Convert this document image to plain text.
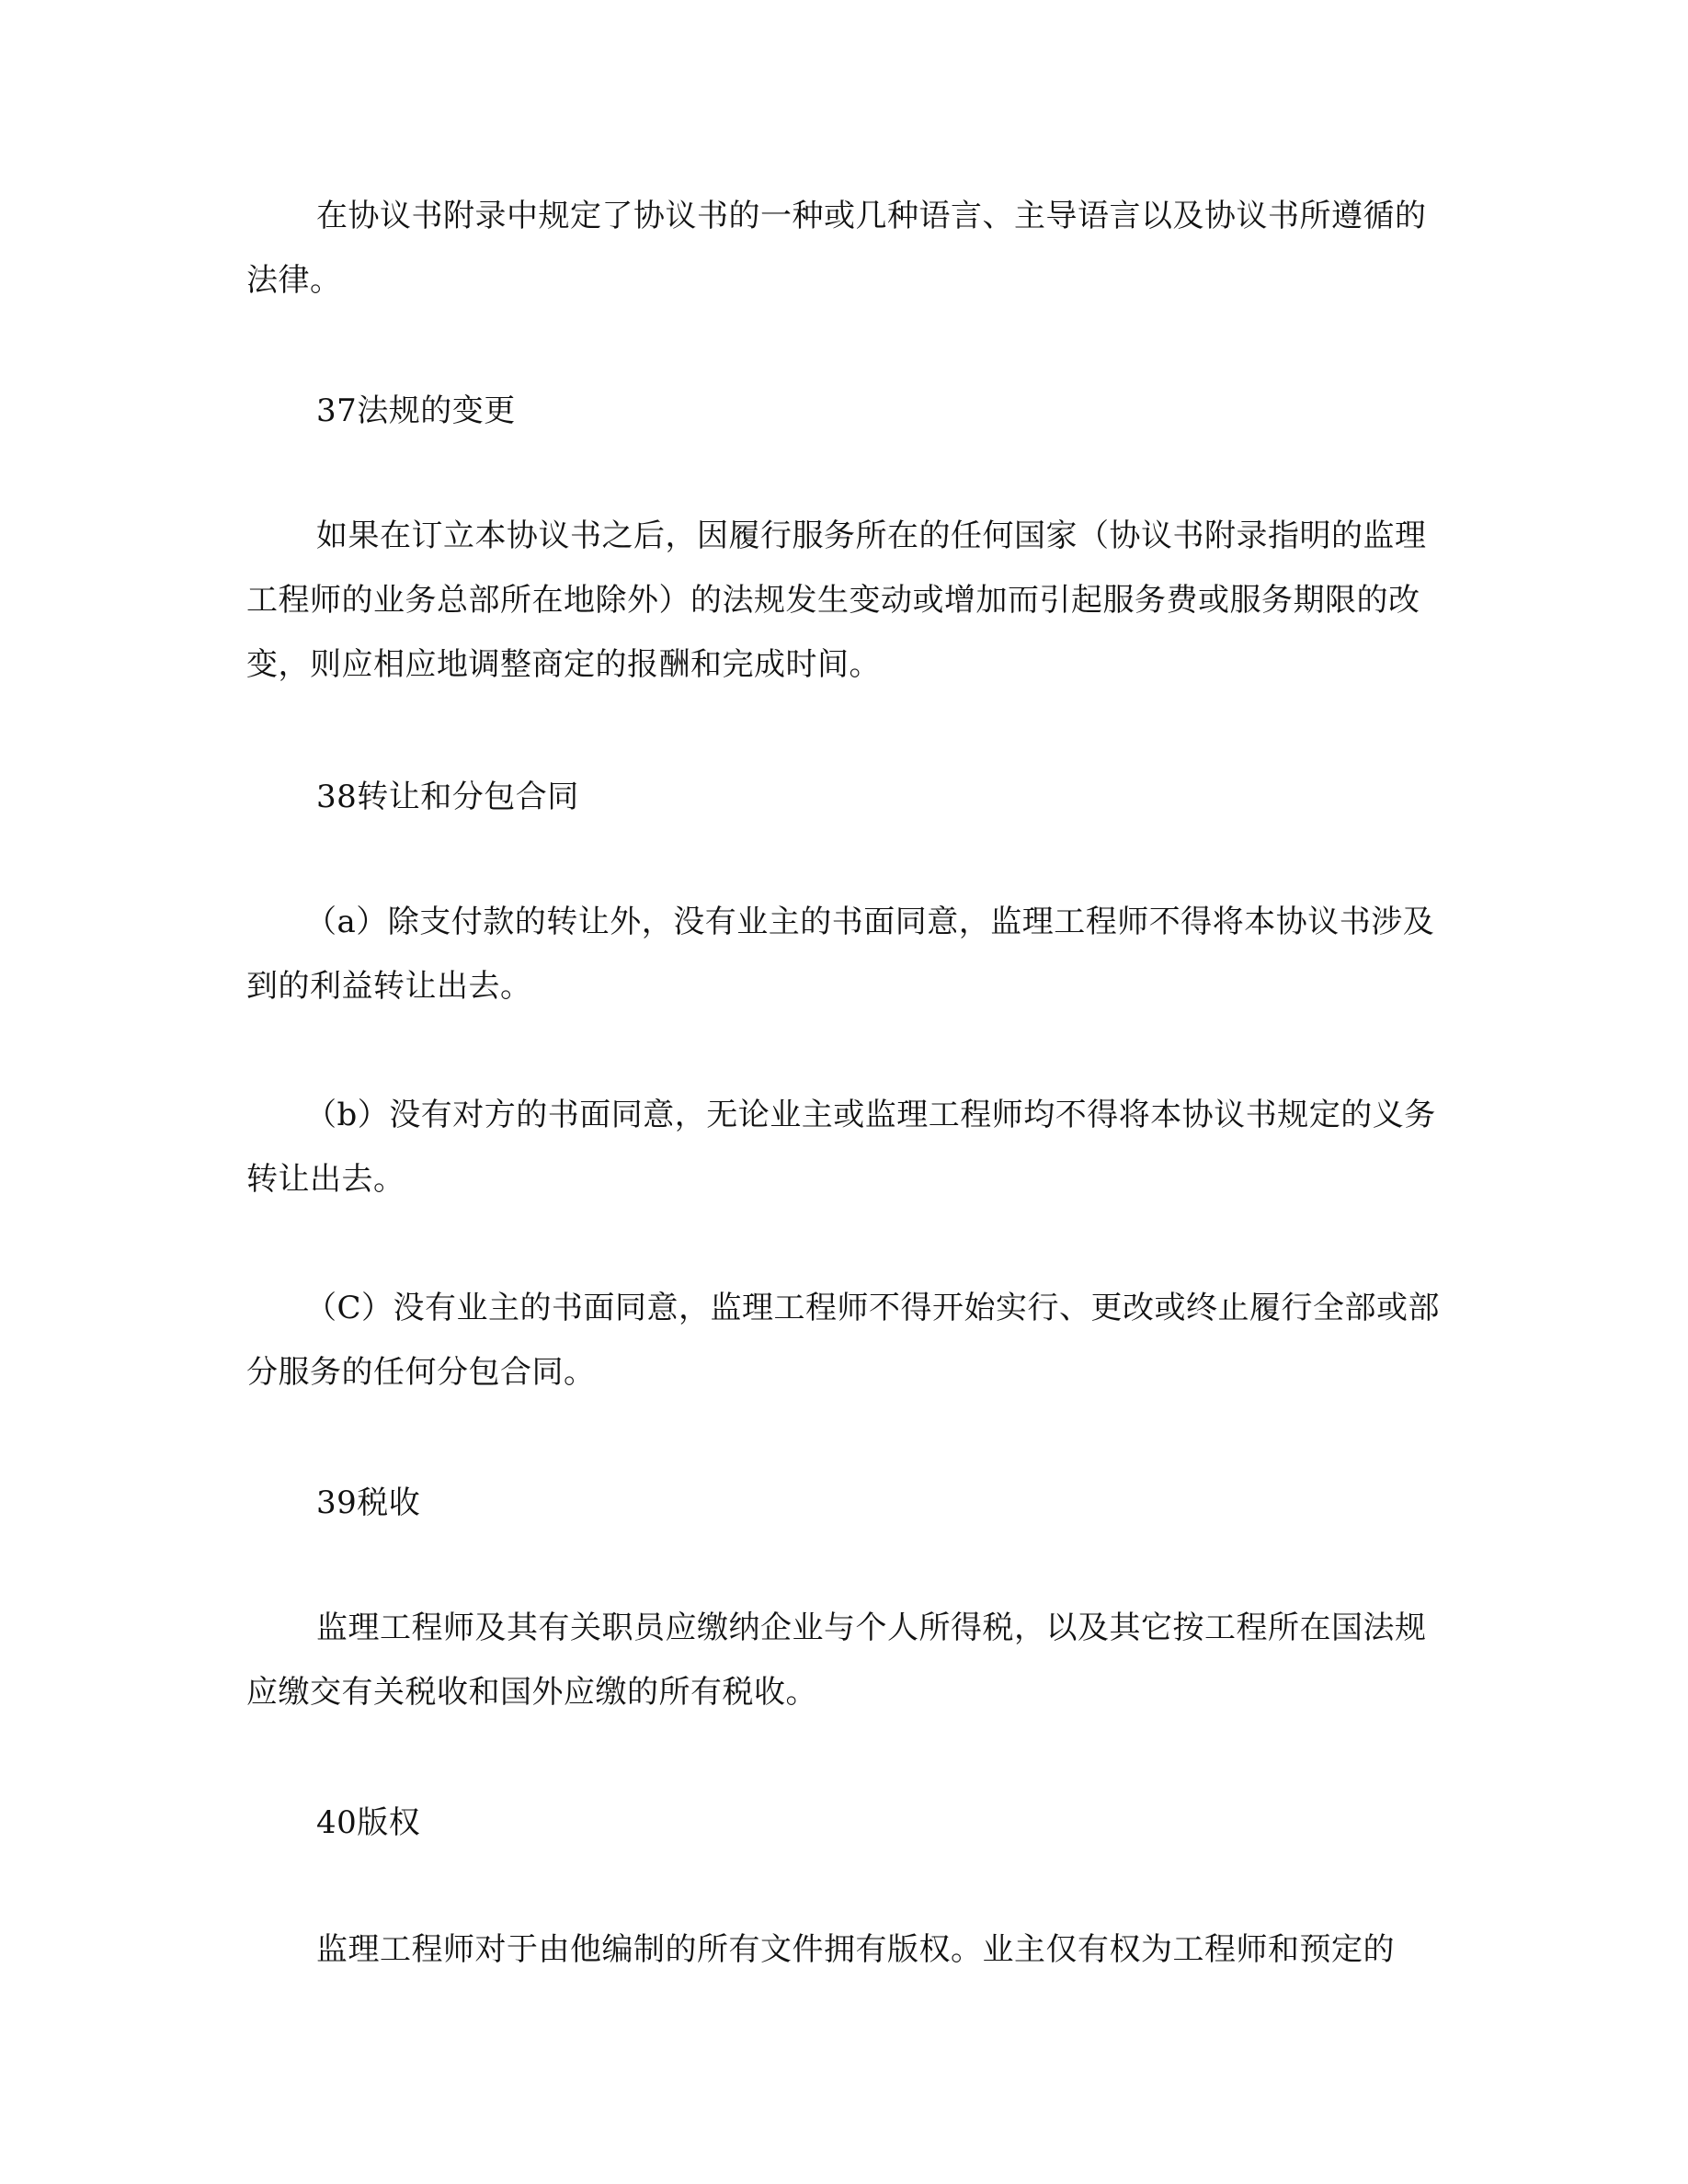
在协议书附录中规定了协议书的一种或几种语言、主导语言以及协议书所遵循的法律。

37法规的变更

如果在订立本协议书之后，因履行服务所在的任何国家（协议书附录指明的监理工程师的业务总部所在地除外）的法规发生变动或增加而引起服务费或服务期限的改变，则应相应地调整商定的报酬和完成时间。

38转让和分包合同

（a）除支付款的转让外，没有业主的书面同意，监理工程师不得将本协议书涉及到的利益转让出去。

（b）没有对方的书面同意，无论业主或监理工程师均不得将本协议书规定的义务转让出去。

（C）没有业主的书面同意，监理工程师不得开始实行、更改或终止履行全部或部分服务的任何分包合同。

39税收

监理工程师及其有关职员应缴纳企业与个人所得税，以及其它按工程所在国法规应缴交有关税收和国外应缴的所有税收。

40版权

监理工程师对于由他编制的所有文件拥有版权。业主仅有权为工程师和预定的
